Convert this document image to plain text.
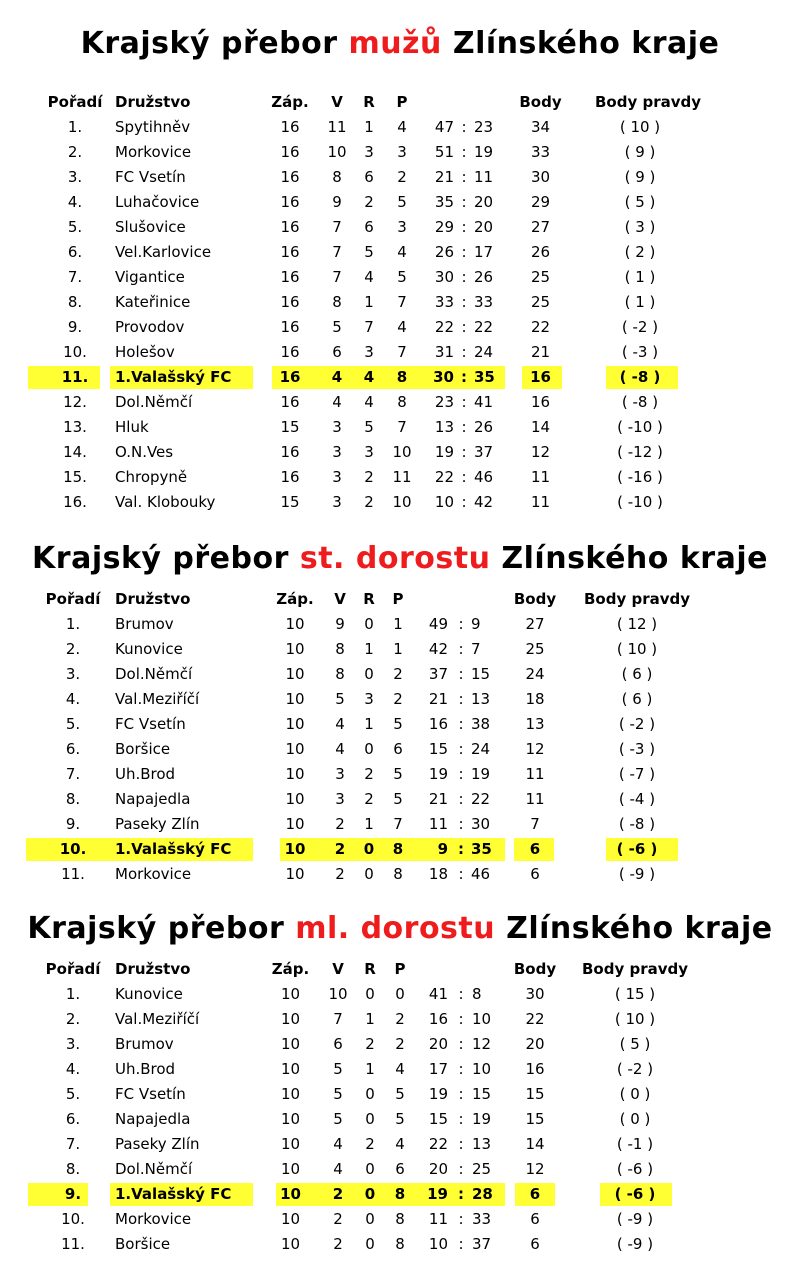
Krajský přebor mužů Zlínského kraje
Pořadí Družstvo	Záp.	V	R	P	Body Body pravdy
1.	Spytihněv	16	11	1	4	47 : 23	34	( 10 )
2.	Morkovice	16	10	3	3	51 : 19	33	( 9 )
3.	FC Vsetín	16	8	6	2	21 : 11	30	( 9 )
4.	Luhačovice	16	9	2	5	35 : 20	29	( 5 )
5.	Slušovice	16	7	6	3	29 : 20	27	( 3 )
6.	Vel.Karlovice	16	7	5	4	26 : 17	26	( 2 )
7.	Vigantice	16	7	4	5	30 : 26	25	( 1 )
8.	Kateřinice	16	8	1	7	33 : 33	25	( 1 )
9.	Provodov	16	5	7	4	22 : 22	22	( -2 )
10.	Holešov	16	6	3	7	31 : 24	21	( -3 )
11.	1.Valašský FC	16	4	4	8	30 : 35	16	( -8 )
12.	Dol.Němčí	16	4	4	8	23 : 41	16	( -8 )
13.	Hluk	15	3	5	7	13 : 26	14	( -10 )
14.	O.N.Ves	16	3	3	10	19 : 37	12	( -12 )
15.	Chropyně	16	3	2	11	22 : 46	11	( -16 )
16.	Val. Klobouky	15	3	2	10	10 : 42	11	( -10 )
Krajský přebor st. dorostu Zlínského kraje
Pořadí Družstvo	Záp.	V	R	P	Body Body pravdy
1.	Brumov	10	9	0	1	49 : 9	27	( 12 )
2.	Kunovice	10	8	1	1	42 : 7	25	( 10 )
3.	Dol.Němčí	10	8	0	2	37 : 15	24	( 6 )
4.	Val.Meziříčí	10	5	3	2	21 : 13	18	( 6 )
5.	FC Vsetín	10	4	1	5	16 : 38	13	( -2 )
6.	Boršice	10	4	0	6	15 : 24	12	( -3 )
7.	Uh.Brod	10	3	2	5	19 : 19	11	( -7 )
8.	Napajedla	10	3	2	5	21 : 22	11	( -4 )
9.	Paseky Zlín	10	2	1	7	11 : 30	7	( -8 )
10.	1.Valašský FC	10	2	0	8	9 : 35	6	( -6 )
11.	Morkovice	10	2	0	8	18 : 46	6	( -9 )
Krajský přebor ml. dorostu Zlínského kraje
Pořadí Družstvo	Záp.	V	R	P	Body Body pravdy
1.	Kunovice	10	10	0	0	41 : 8	30	( 15 )
2.	Val.Meziříčí	10	7	1	2	16 : 10	22	( 10 )
3.	Brumov	10	6	2	2	20 : 12	20	( 5 )
4.	Uh.Brod	10	5	1	4	17 : 10	16	( -2 )
5.	FC Vsetín	10	5	0	5	19 : 15	15	( 0 )
6.	Napajedla	10	5	0	5	15 : 19	15	( 0 )
7.	Paseky Zlín	10	4	2	4	22 : 13	14	( -1 )
8.	Dol.Němčí	10	4	0	6	20 : 25	12	( -6 )
9.	1.Valašský FC	10	2	0	8	19 : 28	6	( -6 )
10.	Morkovice	10	2	0	8	11 : 33	6	( -9 )
11.	Boršice	10	2	0	8	10 : 37	6	( -9 )
